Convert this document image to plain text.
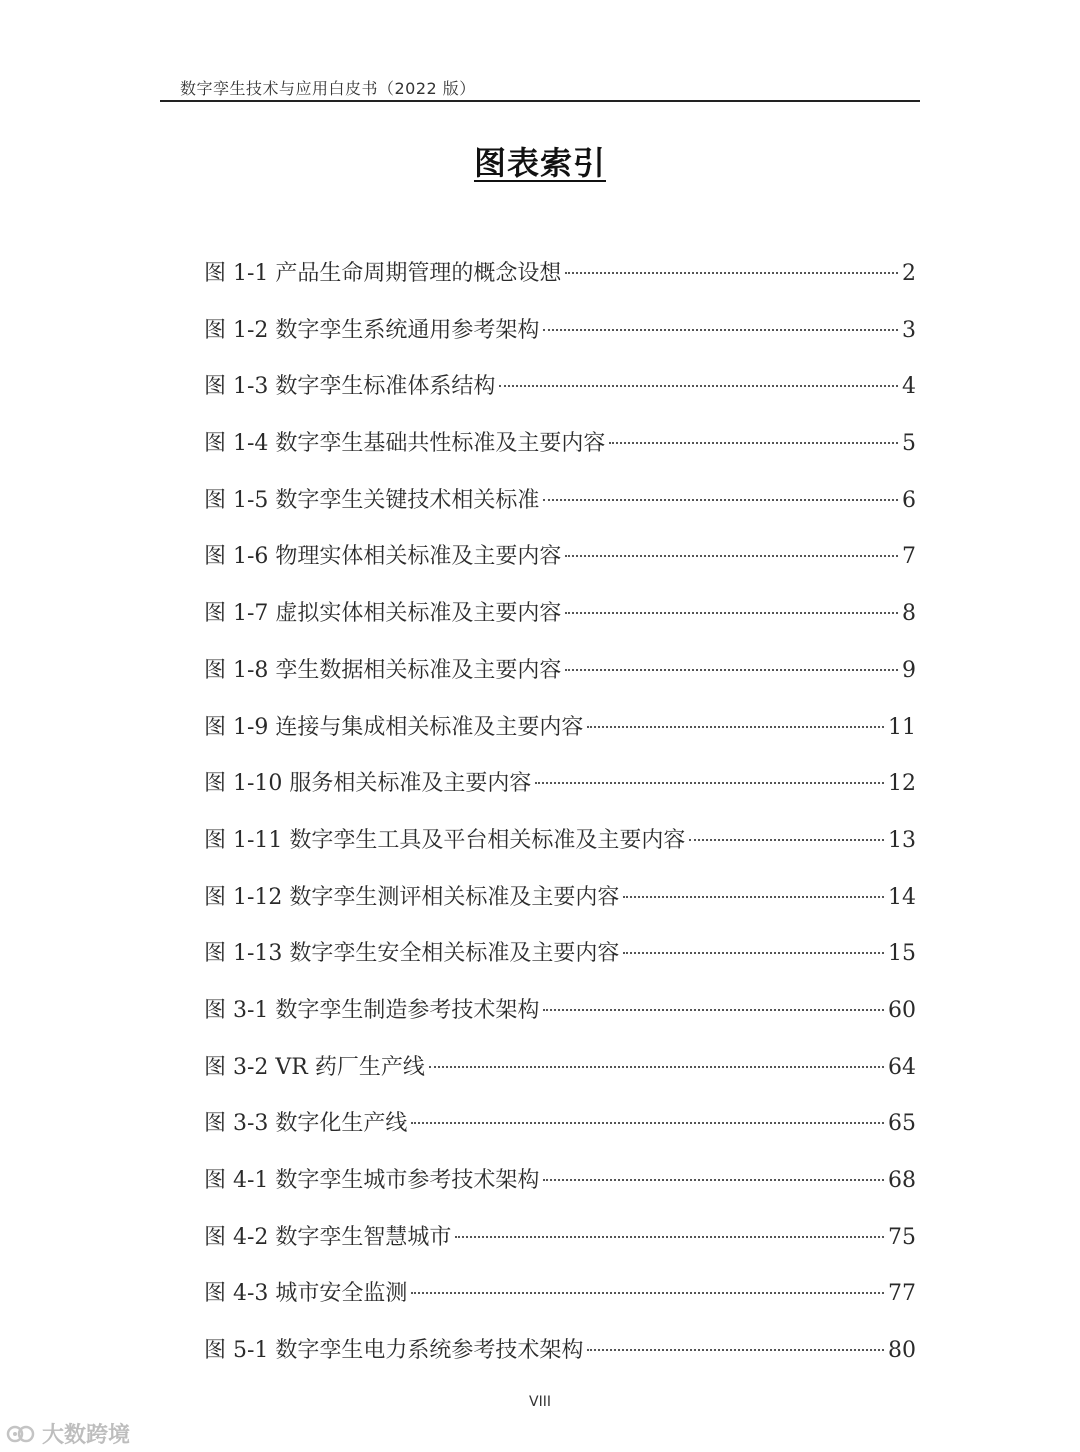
数字孪生技术与应用白皮书（2022 版）
图表索引
图 1-1 产品生命周期管理的概念设想	2
图 1-2 数字孪生系统通用参考架构	3
图 1-3 数字孪生标准体系结构	4
图 1-4 数字孪生基础共性标准及主要内容	5
图 1-5 数字孪生关键技术相关标准	6
图 1-6 物理实体相关标准及主要内容	7
图 1-7 虚拟实体相关标准及主要内容	8
图 1-8 孪生数据相关标准及主要内容	9
图 1-9 连接与集成相关标准及主要内容	11
图 1-10 服务相关标准及主要内容	12
图 1-11 数字孪生工具及平台相关标准及主要内容	13
图 1-12 数字孪生测评相关标准及主要内容	14
图 1-13 数字孪生安全相关标准及主要内容	15
图 3-1 数字孪生制造参考技术架构	60
图 3-2 VR 药厂生产线	64
图 3-3 数字化生产线	65
图 4-1 数字孪生城市参考技术架构	68
图 4-2 数字孪生智慧城市	75
图 4-3 城市安全监测	77
图 5-1 数字孪生电力系统参考技术架构	80
VIII
大数跨境
